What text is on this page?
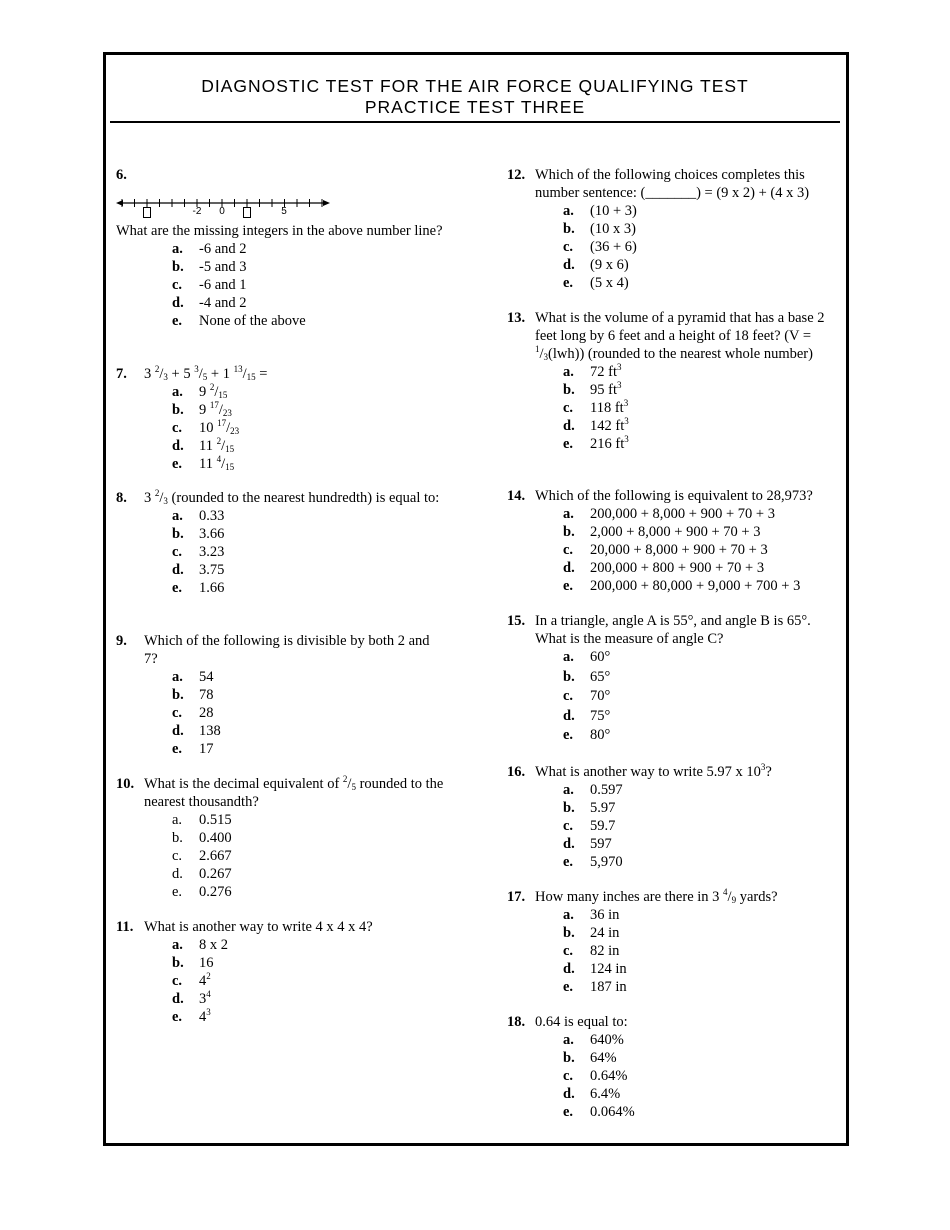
DIAGNOSTIC TEST FOR THE AIR FORCE QUALIFYING TEST
PRACTICE TEST THREE
6.
-2 0	5
What are the missing integers in the above number line?
a. -6 and 2
b. -5 and 3
c. -6 and 1
d. -4 and 2
e. None of the above
7. 3 $^2/_3 + 5$ $^3/_5 + 1$ $^{13}/_{15}$ =
a. 9 $^2/_{15}$
b. 9 $^{17}/_{23}$
c. 10 $^{17}/_{23}$
d. 11 $^2/_{15}$
e. 11 $^4/_{15}$
8. 3 $^2/_3$ (rounded to the nearest hundredth) is equal to:
a. 0.33
b. 3.66
c. 3.23
d. 3.75
e. 1.66
9. Which of the following is divisible by both 2 and 7?
a. 54
b. 78
c. 28
d. 138
e. 17
10. What is the decimal equivalent of $^2/_5$ rounded to the nearest thousandth?
a. 0.515
b. 0.400
c. 2.667
d. 0.267
e. 0.276
11. What is another way to write 4 x 4 x 4?
a. 8 x 2
b. 16
c. $4^2$
d. $3^4$
e. $4^3$
12. Which of the following choices completes this number sentence: (_______) = (9 x 2) + (4 x 3)
a. (10 + 3)
b. (10 x 3)
c. (36 + 6)
d. (9 x 6)
e. (5 x 4)
13. What is the volume of a pyramid that has a base 2 feet long by 6 feet and a height of 18 feet? $(V = ^1/_3(lwh))$ (rounded to the nearest whole number)
a. 72 $ft^3$
b. 95 $ft^3$
c. 118 $ft^3$
d. 142 $ft^3$
e. 216 $ft^3$
14. Which of the following is equivalent to 28,973?
a. 200,000 + 8,000 + 900 + 70 + 3
b. 2,000 + 8,000 + 900 + 70 + 3
c. 20,000 + 8,000 + 900 + 70 + 3
d. 200,000 + 800 + 900 + 70 + 3
e. 200,000 + 80,000 + 9,000 + 700 + 3
15. In a triangle, angle A is 55°, and angle B is 65°. What is the measure of angle C?
a. 60°
b. 65°
c. 70°
d. 75°
e. 80°
16. What is another way to write 5.97 x $10^3$?
a. 0.597
b. 5.97
c. 59.7
d. 597
e. 5,970
17. How many inches are there in 3 $^4/_9$ yards?
a. 36 in
b. 24 in
c. 82 in
d. 124 in
e. 187 in
18. 0.64 is equal to:
a. 640%
b. 64%
c. 0.64%
d. 6.4%
e. 0.064%
